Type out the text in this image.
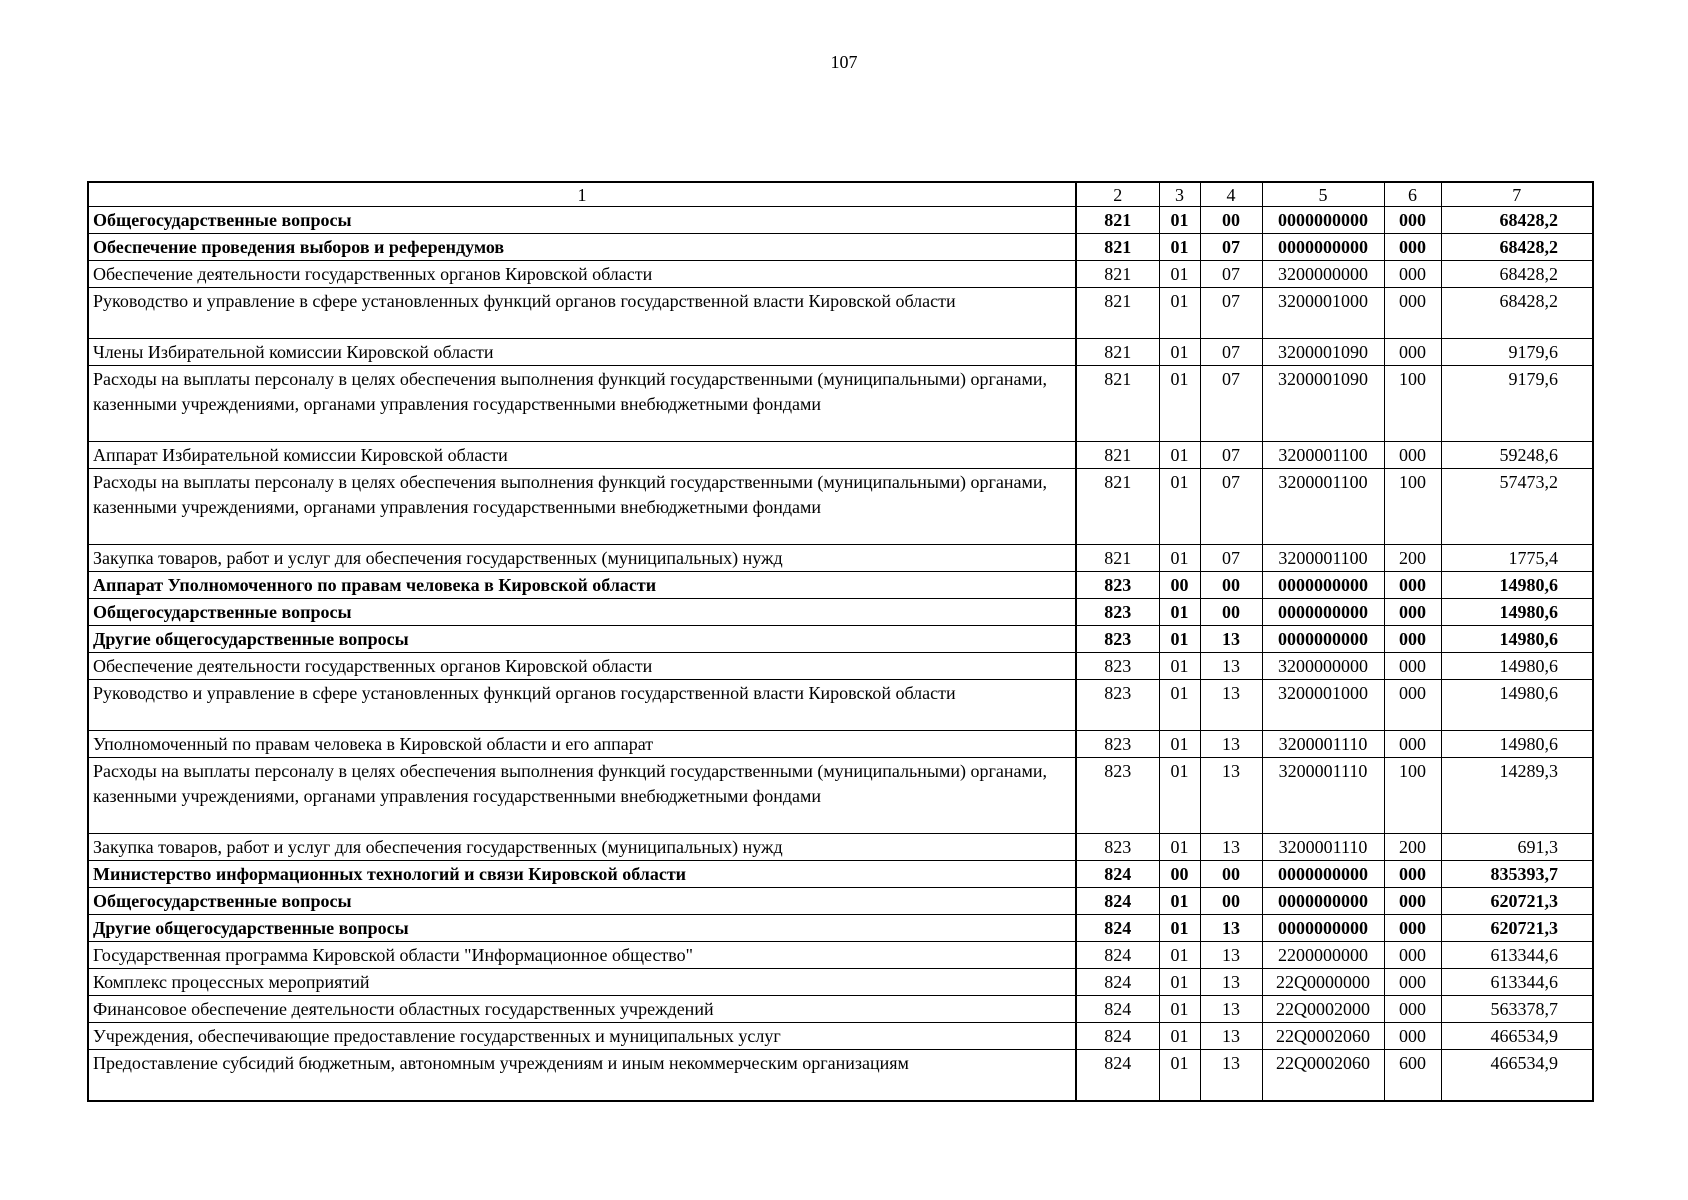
107
1	2	3	4	5	6	7
Общегосударственные вопросы	821	01	00	0000000000	000	68428,2
Обеспечение проведения выборов и референдумов	821	01	07	0000000000	000	68428,2
Обеспечение деятельности государственных органов Кировской области	821	01	07	3200000000	000	68428,2
Руководство и управление в сфере установленных функций органов государственной власти Кировской области	821	01	07	3200001000	000	68428,2
Члены Избирательной комиссии Кировской области	821	01	07	3200001090	000	9179,6
Расходы на выплаты персоналу в целях обеспечения выполнения функций государственными (муниципальными) органами, казенными учреждениями, органами управления государственными внебюджетными фондами	821	01	07	3200001090	100	9179,6
Аппарат Избирательной комиссии Кировской области	821	01	07	3200001100	000	59248,6
Расходы на выплаты персоналу в целях обеспечения выполнения функций государственными (муниципальными) органами, казенными учреждениями, органами управления государственными внебюджетными фондами	821	01	07	3200001100	100	57473,2
Закупка товаров, работ и услуг для обеспечения государственных (муниципальных) нужд	821	01	07	3200001100	200	1775,4
Аппарат Уполномоченного по правам человека в Кировской области	823	00	00	0000000000	000	14980,6
Общегосударственные вопросы	823	01	00	0000000000	000	14980,6
Другие общегосударственные вопросы	823	01	13	0000000000	000	14980,6
Обеспечение деятельности государственных органов Кировской области	823	01	13	3200000000	000	14980,6
Руководство и управление в сфере установленных функций органов государственной власти Кировской области	823	01	13	3200001000	000	14980,6
Уполномоченный по правам человека в Кировской области и его аппарат	823	01	13	3200001110	000	14980,6
Расходы на выплаты персоналу в целях обеспечения выполнения функций государственными (муниципальными) органами, казенными учреждениями, органами управления государственными внебюджетными фондами	823	01	13	3200001110	100	14289,3
Закупка товаров, работ и услуг для обеспечения государственных (муниципальных) нужд	823	01	13	3200001110	200	691,3
Министерство информационных технологий и связи Кировской области	824	00	00	0000000000	000	835393,7
Общегосударственные вопросы	824	01	00	0000000000	000	620721,3
Другие общегосударственные вопросы	824	01	13	0000000000	000	620721,3
Государственная программа Кировской области "Информационное общество"	824	01	13	2200000000	000	613344,6
Комплекс процессных мероприятий	824	01	13	22Q0000000	000	613344,6
Финансовое обеспечение деятельности областных государственных учреждений	824	01	13	22Q0002000	000	563378,7
Учреждения, обеспечивающие предоставление государственных и муниципальных услуг	824	01	13	22Q0002060	000	466534,9
Предоставление субсидий бюджетным, автономным учреждениям и иным некоммерческим организациям	824	01	13	22Q0002060	600	466534,9
